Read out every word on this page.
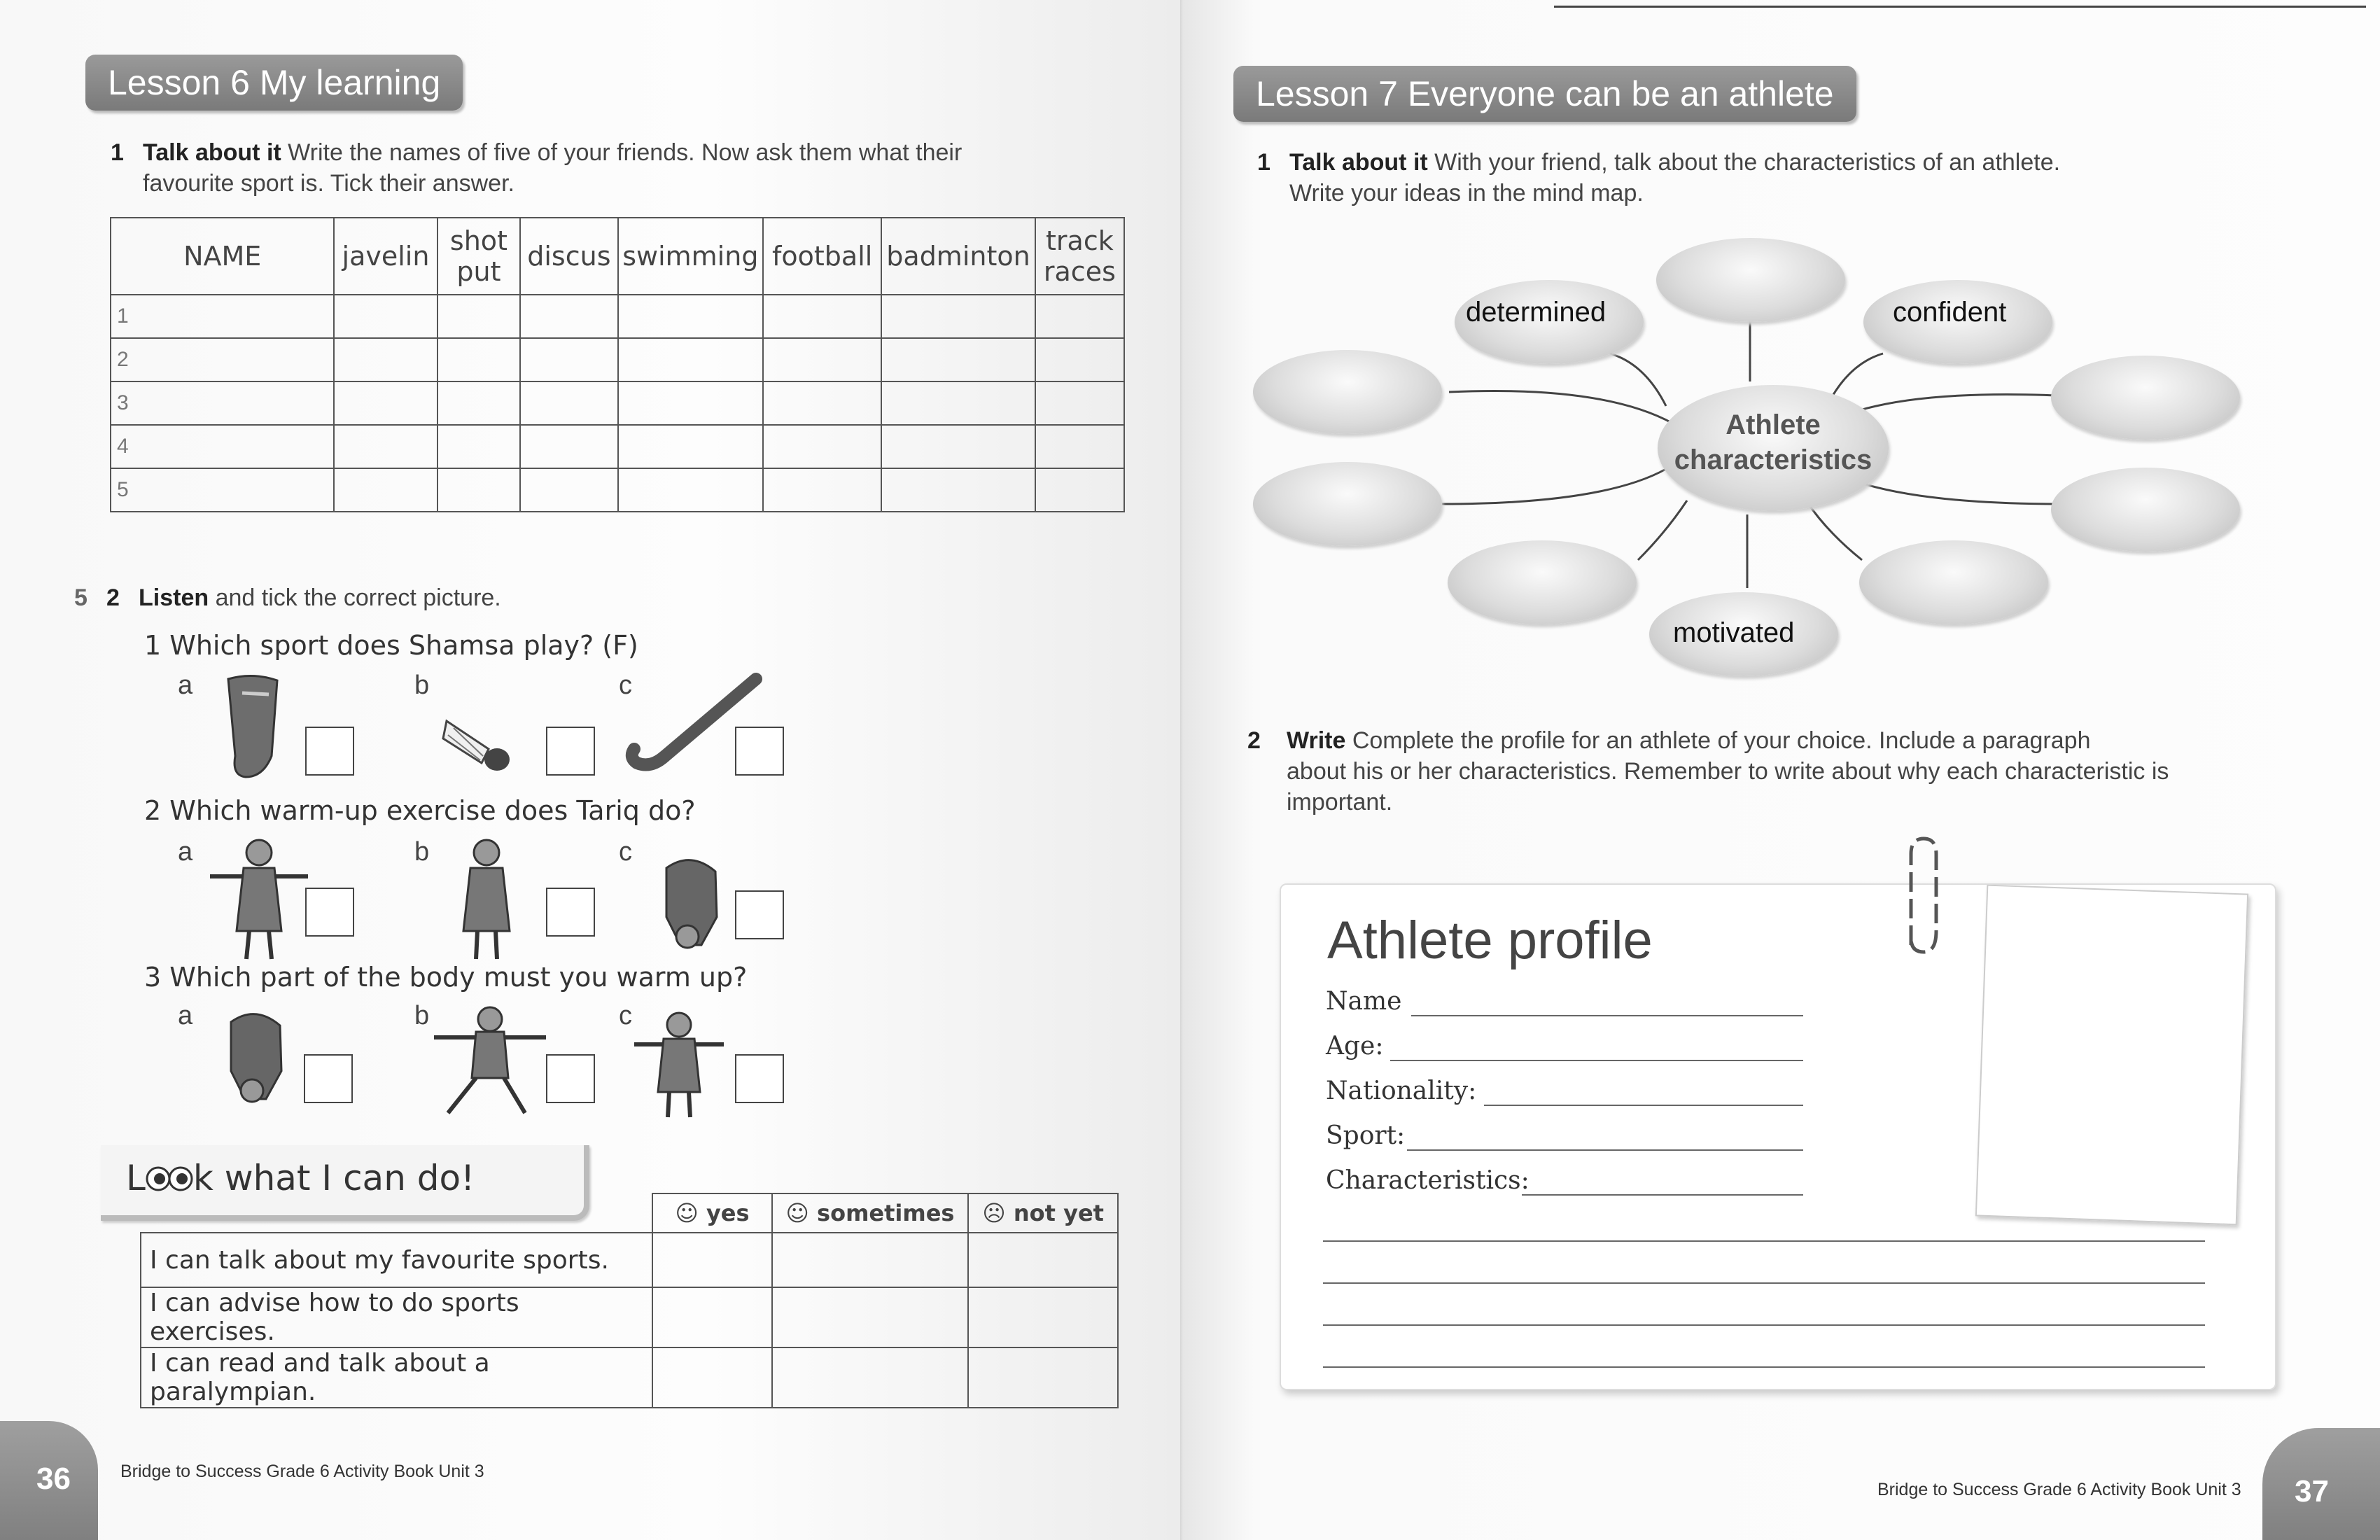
Lesson 6 My learning
1 Talk about it Write the names of five of your friends. Now ask them what their
favourite sport is. Tick their answer.
NAME	javelin	shot put	discus	swimming	football	badminton	track races
1							
2							
3							
4							
5							
5 2 Listen and tick the correct picture.
1 Which sport does Shamsa play? (F)
a	b	c
2 Which warm-up exercise does Tariq do?
a	b	c
3 Which part of the body must you warm up?
a	b	c
L k what I can do!
	☺ yes	☺ sometimes	☹ not yet
I can talk about my favourite sports.			
I can advise how to do sports exercises.			
I can read and talk about a paralympian.			
36	Bridge to Success Grade 6 Activity Book Unit 3
Lesson 7 Everyone can be an athlete
1 Talk about it With your friend, talk about the characteristics of an athlete.
Write your ideas in the mind map.
Athlete
characteristics
determined	confident
motivated
2 Write Complete the profile for an athlete of your choice. Include a paragraph
about his or her characteristics. Remember to write about why each characteristic is
important.
Athlete profile
Name
Age:
Nationality:
Sport:
Characteristics:
Bridge to Success Grade 6 Activity Book Unit 3 37
